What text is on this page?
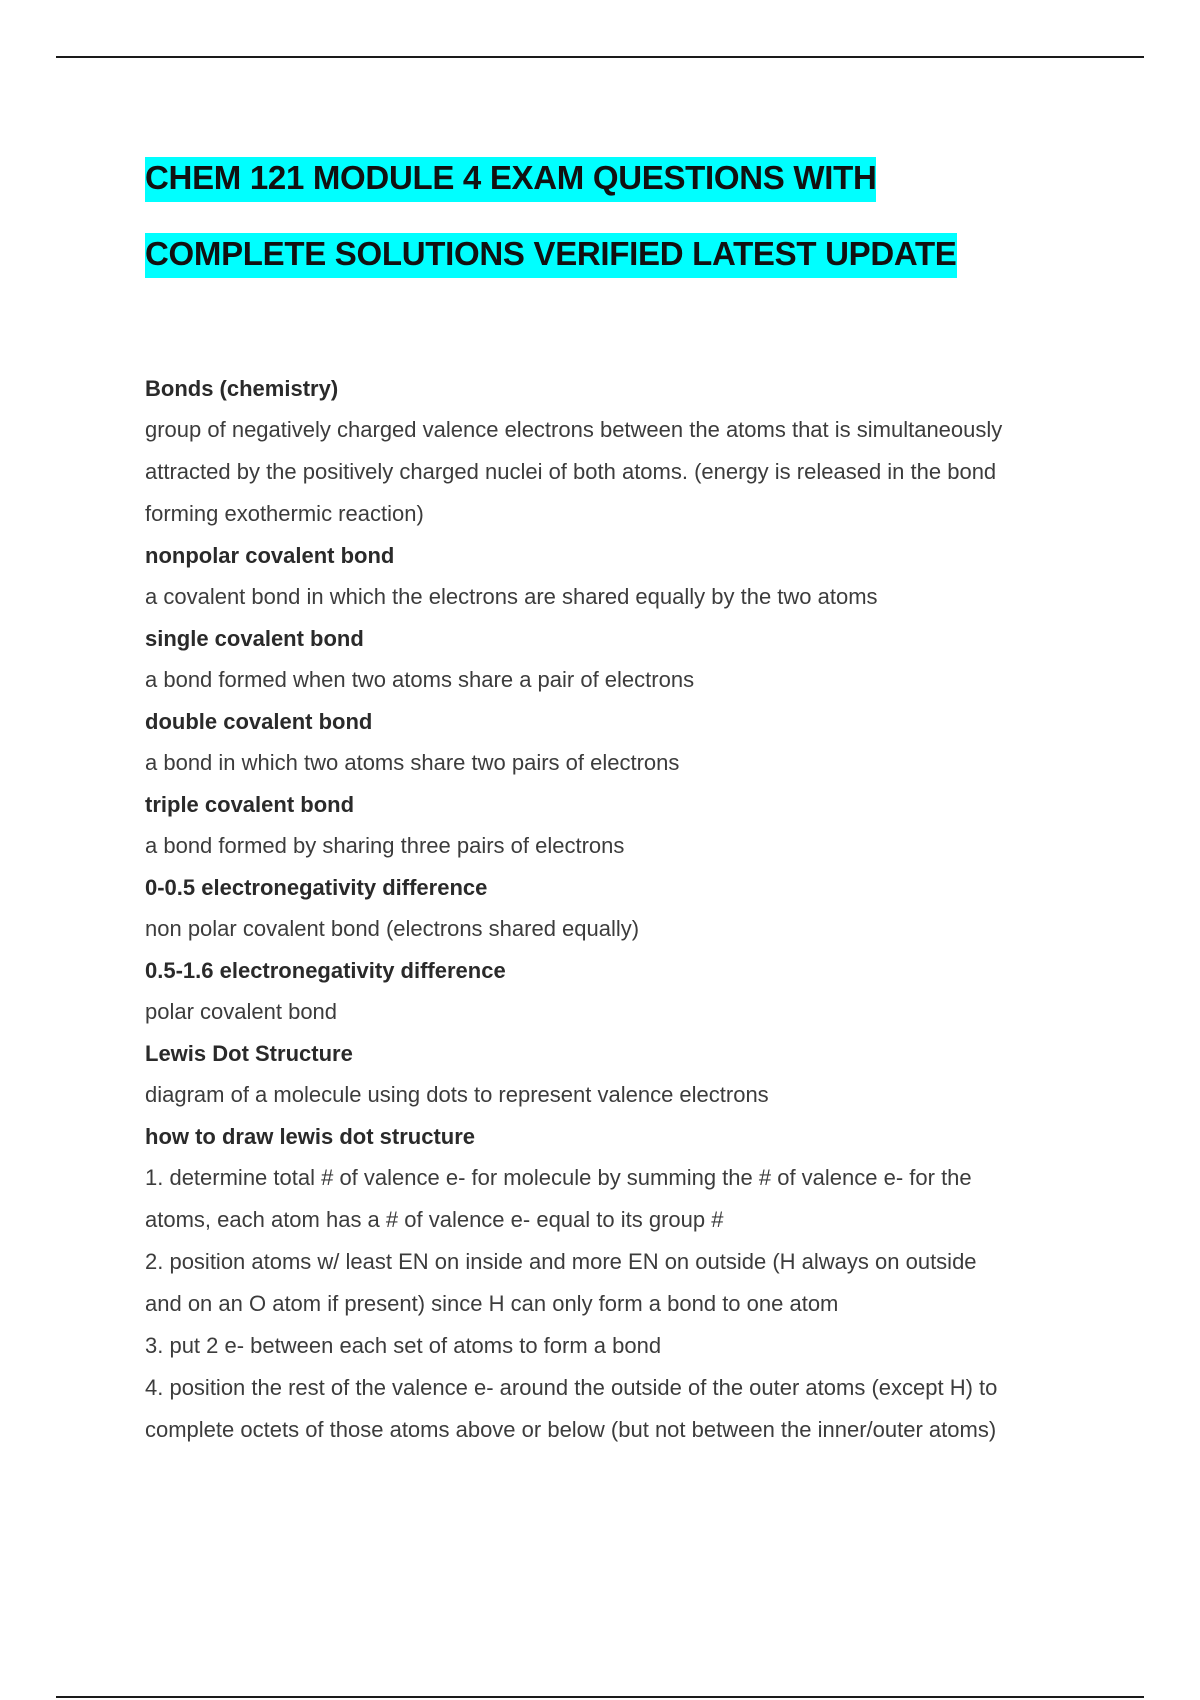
CHEM 121 MODULE 4 EXAM QUESTIONS WITH
COMPLETE SOLUTIONS VERIFIED LATEST UPDATE
Bonds (chemistry)
group of negatively charged valence electrons between the atoms that is simultaneously
attracted by the positively charged nuclei of both atoms. (energy is released in the bond
forming exothermic reaction)
nonpolar covalent bond
a covalent bond in which the electrons are shared equally by the two atoms
single covalent bond
a bond formed when two atoms share a pair of electrons
double covalent bond
a bond in which two atoms share two pairs of electrons
triple covalent bond
a bond formed by sharing three pairs of electrons
0-0.5 electronegativity difference
non polar covalent bond (electrons shared equally)
0.5-1.6 electronegativity difference
polar covalent bond
Lewis Dot Structure
diagram of a molecule using dots to represent valence electrons
how to draw lewis dot structure
1. determine total # of valence e- for molecule by summing the # of valence e- for the
atoms, each atom has a # of valence e- equal to its group #
2. position atoms w/ least EN on inside and more EN on outside (H always on outside
and on an O atom if present) since H can only form a bond to one atom
3. put 2 e- between each set of atoms to form a bond
4. position the rest of the valence e- around the outside of the outer atoms (except H) to
complete octets of those atoms above or below (but not between the inner/outer atoms)
